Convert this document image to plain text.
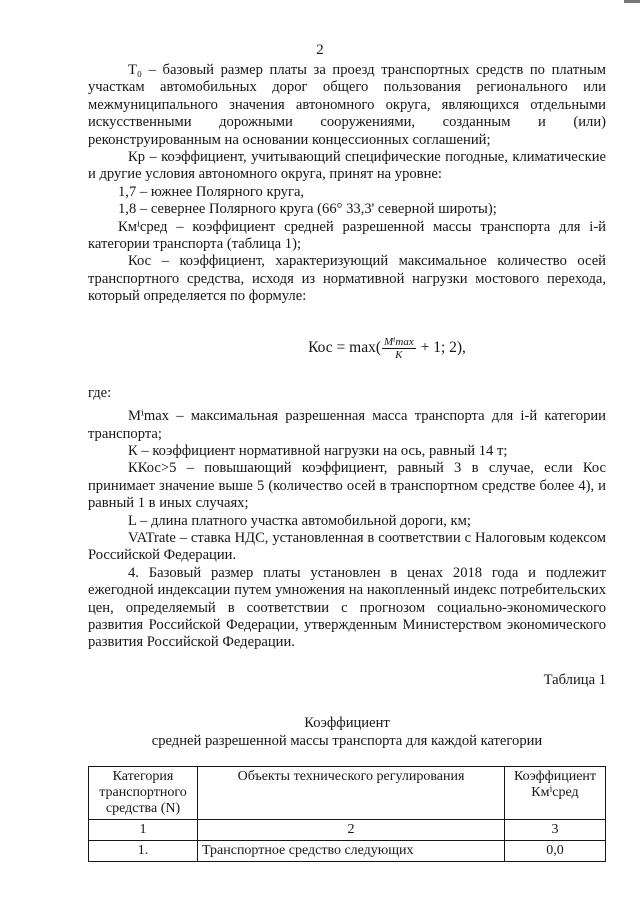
2

Т₀ – базовый размер платы за проезд транспортных средств по платным участкам автомобильных дорог общего пользования регионального или межмуниципального значения автономного округа, являющихся отдельными искусственными дорожными сооружениями, созданным и (или) реконструированным на основании концессионных соглашений;

Кр – коэффициент, учитывающий специфические погодные, климатические и другие условия автономного округа, принят на уровне:

1,7 – южнее Полярного круга,

1,8 – севернее Полярного круга (66° 33,3' северной широты);

Кмⁱсред – коэффициент средней разрешенной массы транспорта для i-й категории транспорта (таблица 1);

Кос – коэффициент, характеризующий максимальное количество осей транспортного средства, исходя из нормативной нагрузки мостового перехода, который определяется по формуле:

Кос = $\max( \frac{\text{Mⁱmax}}{K} + 1$; 2),

где:

Mⁱmax – максимальная разрешенная масса транспорта для i-й категории транспорта;

К – коэффициент нормативной нагрузки на ось, равный 14 т;

ККос>5 – повышающий коэффициент, равный 3 в случае, если Кос принимает значение выше 5 (количество осей в транспортном средстве более 4), и равный 1 в иных случаях;

L – длина платного участка автомобильной дороги, км;

VATrate – ставка НДС, установленная в соответствии с Налоговым кодексом Российской Федерации.

4. Базовый размер платы установлен в ценах 2018 года и подлежит ежегодной индексации путем умножения на накопленный индекс потребительских цен, определяемый в соответствии с прогнозом социально-экономического развития Российской Федерации, утвержденным Министерством экономического развития Российской Федерации.

Таблица 1

Коэффициент

средней разрешенной массы транспорта для каждой категории

Категория транспортного средства (N)	Объекты технического регулирования	Коэффициент Кмⁱсред
1	2	3
1.	Транспортное средство следующих	0,0
